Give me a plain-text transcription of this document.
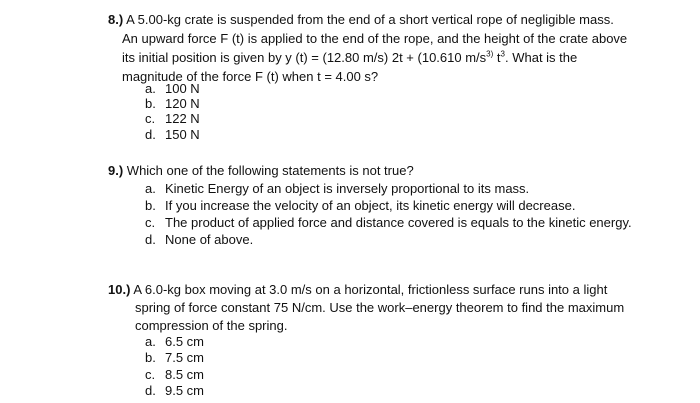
8.) A 5.00-kg crate is suspended from the end of a short vertical rope of negligible mass.
An upward force F (t) is applied to the end of the rope, and the height of the crate above
its initial position is given by y (t) = (12.80 m/s) 2t + (10.610 $m/s^{3)}$ $t^3$. What is the
magnitude of the force F (t) when t = 4.00 s?
a. 100 N
b. 120 N
c. 122 N
d. 150 N
9.) Which one of the following statements is not true?
a. Kinetic Energy of an object is inversely proportional to its mass.
b. If you increase the velocity of an object, its kinetic energy will decrease.
c. The product of applied force and distance covered is equals to the kinetic energy.
d. None of above.
10.) A 6.0-kg box moving at 3.0 m/s on a horizontal, frictionless surface runs into a light
spring of force constant 75 N/cm. Use the work–energy theorem to find the maximum
compression of the spring.
a. 6.5 cm
b. 7.5 cm
c. 8.5 cm
d. 9.5 cm
